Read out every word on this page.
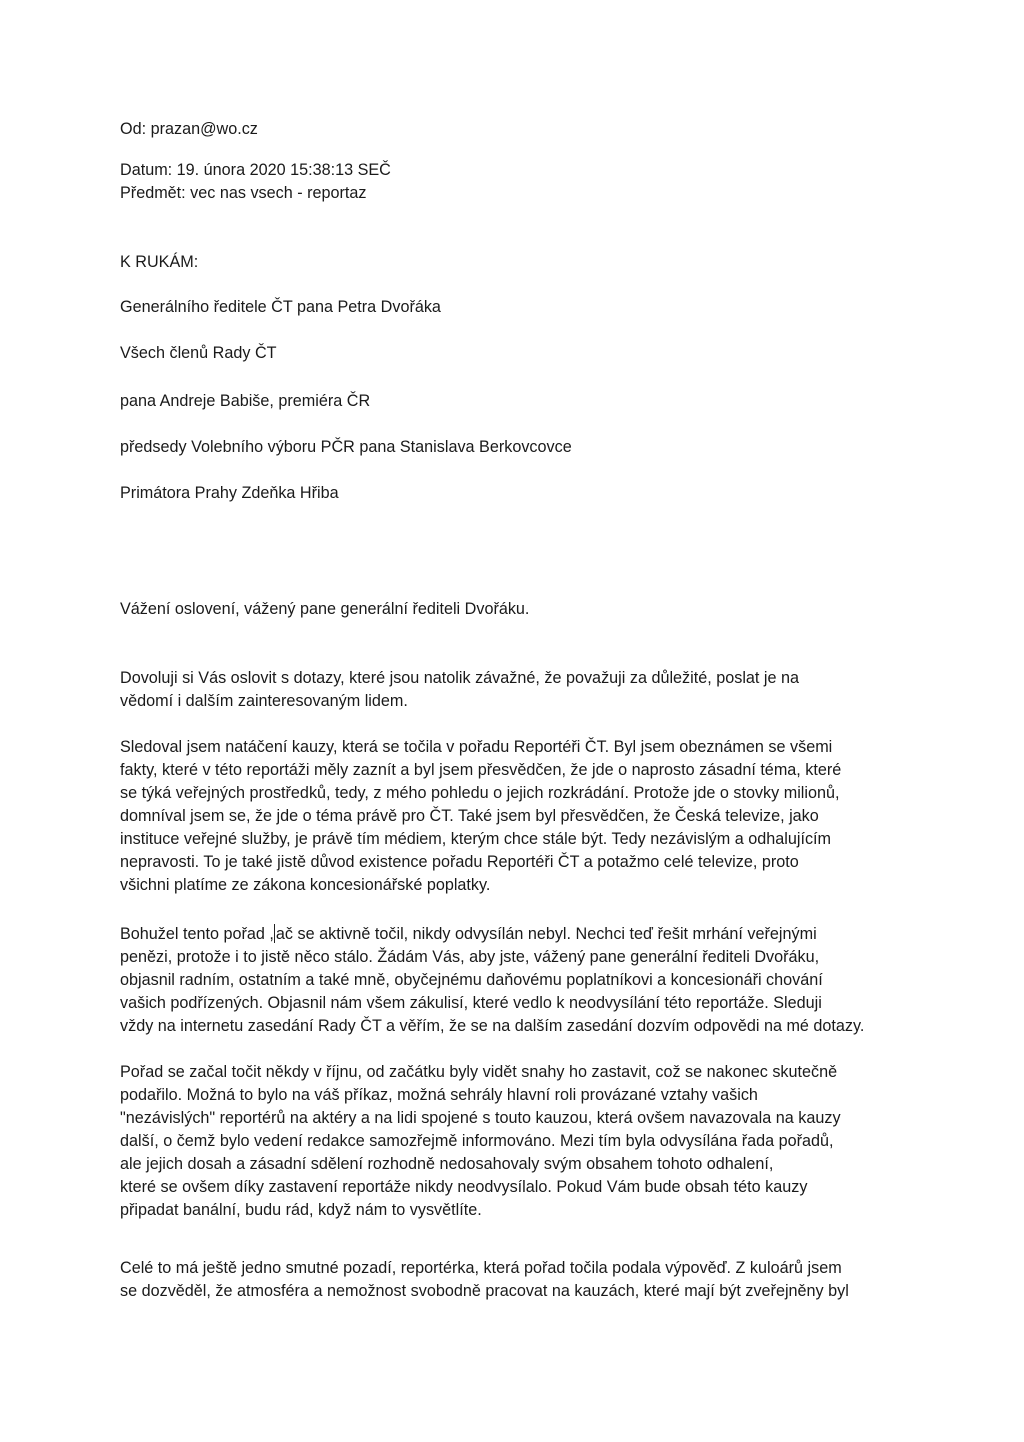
Od: prazan@wo.cz
Datum: 19. února 2020 15:38:13 SEČ
Předmět: vec nas vsech - reportaz
K RUKÁM:
Generálního ředitele ČT pana Petra Dvořáka
Všech členů Rady ČT
pana Andreje Babiše, premiéra ČR
předsedy Volebního výboru PČR pana Stanislava Berkovcovce
Primátora Prahy Zdeňka Hřiba
Vážení oslovení, vážený pane generální řediteli Dvořáku.
Dovoluji si Vás oslovit s dotazy, které jsou natolik závažné, že považuji za důležité, poslat je na
vědomí i dalším zainteresovaným lidem.
Sledoval jsem natáčení kauzy, která se točila v pořadu Reportéři ČT. Byl jsem obeznámen se všemi
fakty, které v této reportáži měly zaznít a byl jsem přesvědčen, že jde o naprosto zásadní téma, které
se týká veřejných prostředků, tedy, z mého pohledu o jejich rozkrádání. Protože jde o stovky milionů,
domníval jsem se, že jde o téma právě pro ČT. Také jsem byl přesvědčen, že Česká televize, jako
instituce veřejné služby, je právě tím médiem, kterým chce stále být. Tedy nezávislým a odhalujícím
nepravosti. To je také jistě důvod existence pořadu Reportéři ČT a potažmo celé televize, proto
všichni platíme ze zákona koncesionářské poplatky.
Bohužel tento pořad , ač se aktivně točil, nikdy odvysílán nebyl. Nechci teď řešit mrhání veřejnými
penězi, protože i to jistě něco stálo. Žádám Vás, aby jste, vážený pane generální řediteli Dvořáku,
objasnil radním, ostatním a také mně, obyčejnému daňovému poplatníkovi a koncesionáři chování
vašich podřízených. Objasnil nám všem zákulisí, které vedlo k neodvysílání této reportáže. Sleduji
vždy na internetu zasedání Rady ČT a věřím, že se na dalším zasedání dozvím odpovědi na mé dotazy.
Pořad se začal točit někdy v říjnu, od začátku byly vidět snahy ho zastavit, což se nakonec skutečně
podařilo. Možná to bylo na váš příkaz, možná sehrály hlavní roli provázané vztahy vašich
"nezávislých" reportérů na aktéry a na lidi spojené s touto kauzou, která ovšem navazovala na kauzy
další, o čemž bylo vedení redakce samozřejmě informováno. Mezi tím byla odvysílána řada pořadů,
ale jejich dosah a zásadní sdělení rozhodně nedosahovaly svým obsahem tohoto odhalení,
které se ovšem díky zastavení reportáže nikdy neodvysílalo. Pokud Vám bude obsah této kauzy
připadat banální, budu rád, když nám to vysvětlíte.
Celé to má ještě jedno smutné pozadí, reportérka, která pořad točila podala výpověď. Z kuloárů jsem
se dozvěděl, že atmosféra a nemožnost svobodně pracovat na kauzách, které mají být zveřejněny byl
